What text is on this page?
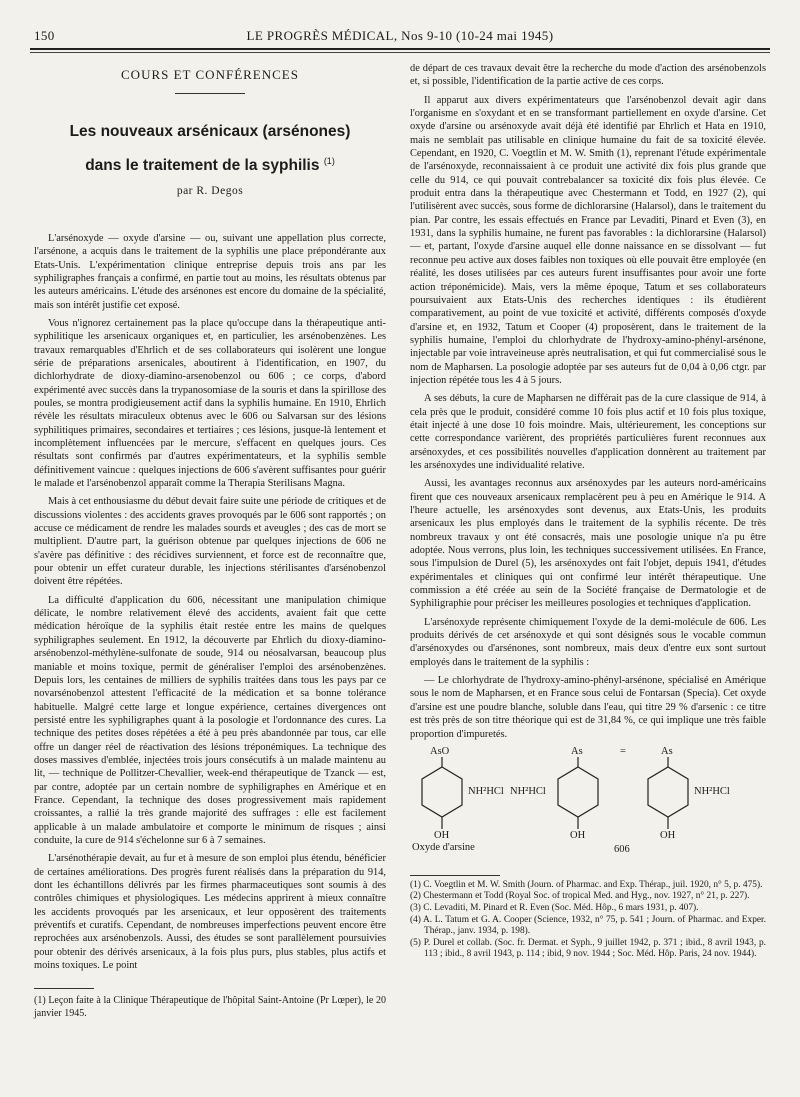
150	LE PROGRÈS MÉDICAL, Nos 9-10 (10-24 mai 1945)
COURS ET CONFÉRENCES

Les nouveaux arsénicaux (arsénones)

dans le traitement de la syphilis $^{(1)}$

par R. Degos

L'arsénoxyde — oxyde d'arsine — ou, suivant une appellation plus correcte, l'arsénone, a acquis dans le traitement de la syphilis une place prépondérante aux Etats-Unis. L'expérimentation clinique entreprise depuis trois ans par les syphiligraphes français a confirmé, en partie tout au moins, les résultats obtenus par les auteurs américains. L'étude des arsénones est encore du domaine de la spécialité, mais son intérêt justifie cet exposé.

Vous n'ignorez certainement pas la place qu'occupe dans la thérapeutique anti-syphilitique les arsenicaux organiques et, en particulier, les arsénobenzènes. Les travaux remarquables d'Ehrlich et de ses collaborateurs qui isolèrent une longue série de préparations arsenicales, aboutirent à l'identification, en 1907, du dichlorhydrate de dioxy-diamino-arsenobenzol ou 606 ; ce corps, d'abord expérimenté avec succès dans la trypanosomiase de la souris et dans la spirillose des poules, se montra prodigieusement actif dans la syphilis humaine. En 1910, Ehrlich révèle les résultats miraculeux obtenus avec le 606 ou Salvarsan sur des lésions syphilitiques primaires, secondaires et tertiaires ; ces lésions, jusque-là lentement et incomplètement influencées par le mercure, s'effacent en quelques jours. Ces résultats sont confirmés par d'autres expérimentateurs, et la syphilis semble définitivement vaincue : quelques injections de 606 s'avèrent suffisantes pour guérir le malade et l'arsénobenzol apparaît comme la Therapia Sterilisans Magna.

Mais à cet enthousiasme du début devait faire suite une période de critiques et de discussions violentes : des accidents graves provoqués par le 606 sont rapportés ; on accuse ce médicament de rendre les malades sourds et aveugles ; des cas de mort se multiplient. D'autre part, la guérison obtenue par quelques injections de 606 ne s'avère pas définitive : des récidives surviennent, et force est de reconnaître que, pour obtenir un effet curateur durable, les injections stérilisantes d'arsénobenzol doivent être répétées.

La difficulté d'application du 606, nécessitant une manipulation chimique délicate, le nombre relativement élevé des accidents, avaient fait que cette médication héroïque de la syphilis était restée entre les mains de quelques syphiligraphes seulement. En 1912, la découverte par Ehrlich du dioxy-diamino-arsénobenzol-méthylène-sulfonate de soude, 914 ou néosalvarsan, beaucoup plus maniable et moins toxique, permit de généraliser l'emploi des arsénobenzènes. Depuis lors, les centaines de milliers de syphilis traitées dans tous les pays par ce novarsénobenzol attestent l'efficacité de la médication et sa bonne tolérance habituelle. Malgré cette large et longue expérience, certaines divergences ont persisté entre les syphiligraphes quant à la posologie et l'ordonnance des cures. La technique des petites doses répétées a été à peu près abandonnée par tous, car elle offre un danger réel de réactivation des lésions tréponémiques. La technique des doses massives d'emblée, injectées trois jours consécutifs à un malade maintenu au lit, — technique de Pollitzer-Chevallier, week-end thérapeutique de Tzanck — est, par contre, adoptée par un certain nombre de syphiligraphes en Amérique et en France. Cependant, la technique des doses progressivement mais rapidement croissantes, a rallié la très grande majorité des suffrages : elle est facilement applicable à un malade ambulatoire et comporte le minimum de risques ; ainsi conduite, la cure de 914 s'échelonne sur 6 à 7 semaines.

L'arsénothérapie devait, au fur et à mesure de son emploi plus étendu, bénéficier de certaines améliorations. Des progrès furent réalisés dans la préparation du 914, dont les échantillons délivrés par les firmes pharmaceutiques sont soumis à des contrôles chimiques et physiologiques. Les médecins apprirent à mieux connaître les accidents provoqués par les arsenicaux, et leur opposèrent des traitements préventifs et curatifs. Cependant, de nombreuses imperfections peuvent encore être reprochées aux arsénobenzols. Aussi, des études se sont parallèlement poursuivies pour obtenir des dérivés arsenicaux, à la fois plus purs, plus stables, plus actifs et moins toxiques. Le point

(1) Leçon faite à la Clinique Thérapeutique de l'hôpital Saint-Antoine (Pr Lœper), le 20 janvier 1945.

de départ de ces travaux devait être la recherche du mode d'action des arsénobenzols et, si possible, l'identification de la partie active de ces corps.

Il apparut aux divers expérimentateurs que l'arsénobenzol devait agir dans l'organisme en s'oxydant et en se transformant partiellement en oxyde d'arsine. Cet oxyde d'arsine ou arsénoxyde avait déjà été identifié par Ehrlich et Hata en 1910, mais ne semblait pas utilisable en clinique humaine du fait de sa toxicité élevée. Cependant, en 1920, C. Voegtlin et M. W. Smith (1), reprenant l'étude expérimentale de l'arsénoxyde, reconnaissaient à ce produit une activité dix fois plus grande que celle du 914, ce qui pouvait contrebalancer sa toxicité dix fois plus élevée. Ce produit entra dans la thérapeutique avec Chestermann et Todd, en 1927 (2), qui l'utilisèrent avec succès, sous forme de dichlorarsine (Halarsol), dans le traitement du pian. Par contre, les essais effectués en France par Levaditi, Pinard et Even (3), en 1931, dans la syphilis humaine, ne furent pas favorables : la dichlorarsine (Halarsol) — et, partant, l'oxyde d'arsine auquel elle donne naissance en se dissolvant — fut reconnue peu active aux doses faibles non toxiques où elle pouvait être employée (en réalité, les doses utilisées par ces auteurs furent insuffisantes pour avoir une forte action tréponémicide). Mais, vers la même époque, Tatum et ses collaborateurs poursuivaient aux Etats-Unis des recherches identiques : ils étudièrent comparativement, au point de vue toxicité et activité, différents composés d'oxyde d'arsine et, en 1932, Tatum et Cooper (4) proposèrent, dans le traitement de la syphilis humaine, l'emploi du chlorhydrate de l'hydroxy-amino-phényl-arsénone, injectable par voie intraveineuse après neutralisation, et qui fut commercialisé sous le nom de Mapharsen. La posologie adoptée par ses auteurs fut de 0,04 à 0,06 ctgr. par injection répétée tous les 4 à 5 jours.

A ses débuts, la cure de Mapharsen ne différait pas de la cure classique de 914, à cela près que le produit, considéré comme 10 fois plus actif et 10 fois plus toxique, était injecté à une dose 10 fois moindre. Mais, ultérieurement, les conceptions sur cette correspondance varièrent, des propriétés particulières furent reconnues aux arsénoxydes, et ces possibilités nouvelles d'application donnèrent au traitement par les arsénoxydes une individualité relative.

Aussi, les avantages reconnus aux arsénoxydes par les auteurs nord-américains firent que ces nouveaux arsenicaux remplacèrent peu à peu en Amérique le 914. A l'heure actuelle, les arsénoxydes sont devenus, aux Etats-Unis, les produits arsenicaux les plus employés dans le traitement de la syphilis récente. De très nombreux travaux y ont été consacrés, mais une posologie unique n'a pu être adoptée. Nous verrons, plus loin, les techniques successivement utilisées. En France, sous l'impulsion de Durel (5), les arsénoxydes ont fait l'objet, depuis 1941, d'études expérimentales et cliniques qui ont confirmé leur intérêt thérapeutique. Une commission a été créée au sein de la Société française de Dermatologie et de Syphiligraphie pour préciser les meilleures posologies et techniques d'application.

L'arsénoxyde représente chimiquement l'oxyde de la demi-molécule de 606. Les produits dérivés de cet arsénoxyde et qui sont désignés sous le vocable commun d'arsénoxydes ou d'arsénones, sont nombreux, mais deux d'entre eux sont surtout employés dans le traitement de la syphilis :

— Le chlorhydrate de l'hydroxy-amino-phényl-arsénone, spécialisé en Amérique sous le nom de Mapharsen, et en France sous celui de Fontarsan (Specia). Cet oxyde d'arsine est une poudre blanche, soluble dans l'eau, qui titre 29 % d'arsenic : ce titre est très près de son titre théorique qui est de 31,84 %, ce qui implique une très faible proportion d'impuretés.

AsO
NH²HCl
OH
Oxyde d'arsine
As	=	As
NH²HCl	NH²HCl
OH	OH
606

(1) C. Voegtlin et M. W. Smith (Journ. of Pharmac. and Exp. Thérap., juil. 1920, n° 5, p. 475).

(2) Chestermann et Todd (Royal Soc. of tropical Med. and Hyg., nov. 1927, n° 21, p. 227).

(3) C. Levaditi, M. Pinard et R. Even (Soc. Méd. Hôp., 6 mars 1931, p. 407).

(4) A. L. Tatum et G. A. Cooper (Science, 1932, n° 75, p. 541 ; Journ. of Pharmac. and Exper. Thérap., janv. 1934, p. 198).

(5) P. Durel et collab. (Soc. fr. Dermat. et Syph., 9 juillet 1942, p. 371 ; ibid., 8 avril 1943, p. 113 ; ibid., 8 avril 1943, p. 114 ; ibid, 9 nov. 1944 ; Soc. Méd. Hôp. Paris, 24 nov. 1944).
